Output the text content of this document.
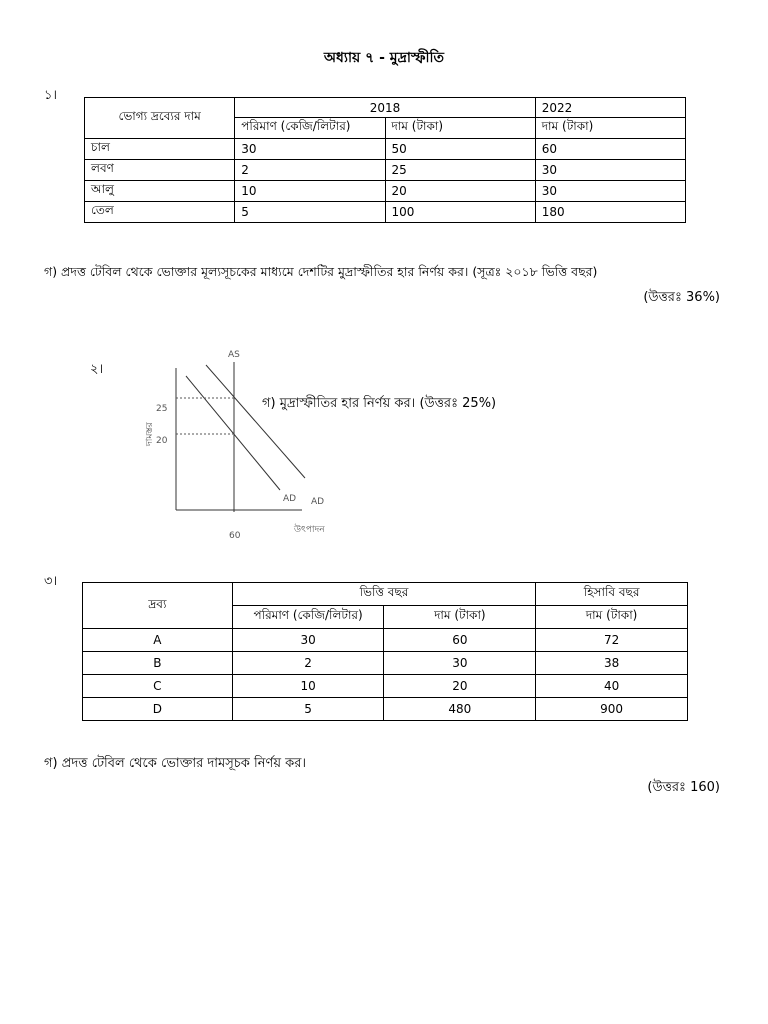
অধ্যায় ৭ - মুদ্রাস্ফীতি
১।
ভোগ্য দ্রব্যের দাম	2018		2022
	পরিমাণ (কেজি/লিটার)	দাম (টাকা)	দাম (টাকা)
চাল	30	50	60
লবণ	2	25	30
আলু	10	20	30
তেল	5	100	180
গ) প্রদত্ত টেবিল থেকে ভোক্তার মূল্যসূচকের মাধ্যমে দেশটির মুদ্রাস্ফীতির হার নির্ণয় কর। (সূত্রঃ ২০১৮ ভিত্তি বছর)
(উত্তরঃ 36%)
২।
AS
25
20
AD AD
উৎপাদন
60
দামস্তর
গ) মুদ্রাস্ফীতির হার নির্ণয় কর। (উত্তরঃ 25%)
৩।
দ্রব্য	ভিত্তি বছর		হিসাবি বছর
	পরিমাণ (কেজি/লিটার)	দাম (টাকা)	দাম (টাকা)
A	30	60	72
B	2	30	38
C	10	20	40
D	5	480	900
গ) প্রদত্ত টেবিল থেকে ভোক্তার দামসূচক নির্ণয় কর।
(উত্তরঃ 160)
